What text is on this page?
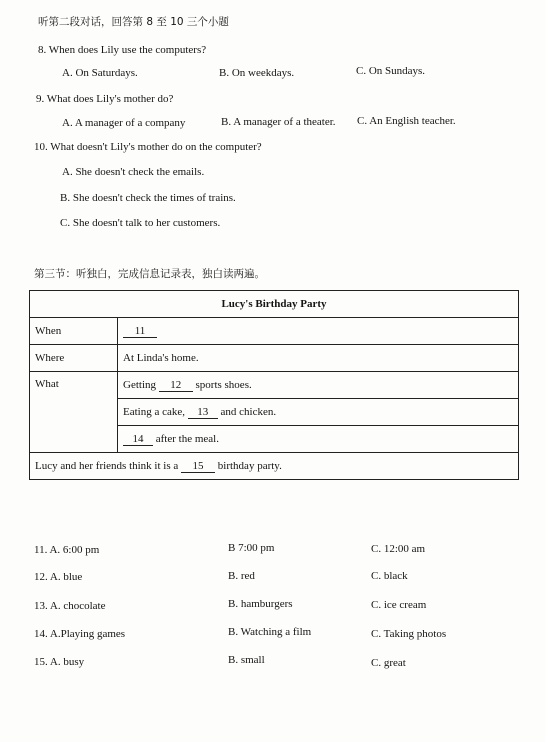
听第二段对话，回答第 8 至 10 三个小题
8. When does Lily use the computers?
A. On Saturdays.	B. On weekdays.	C. On Sundays.
9. What does Lily's mother do?
A. A manager of a company	B. A manager of a theater. C. An English teacher.
10. What doesn't Lily's mother do on the computer?
A. She doesn't check the emails.
B. She doesn't check the times of trains.
C. She doesn't talk to her customers.
第三节：听独白，完成信息记录表，独白读两遍。
Lucy's Birthday Party	
When	11
Where	At Linda's home.
What	Getting 12 sports shoes.
	Eating a cake, 13 and chicken.
	14 after the meal.
Lucy and her friends think it is a 15 birthday party.	
11. A. 6:00 pm	B 7:00 pm	C. 12:00 am
12. A. blue	B. red	C. black
13. A. chocolate	B. hamburgers	C. ice cream
14. A.Playing games	B. Watching a film	C. Taking photos
15. A. busy	B. small	C. great
